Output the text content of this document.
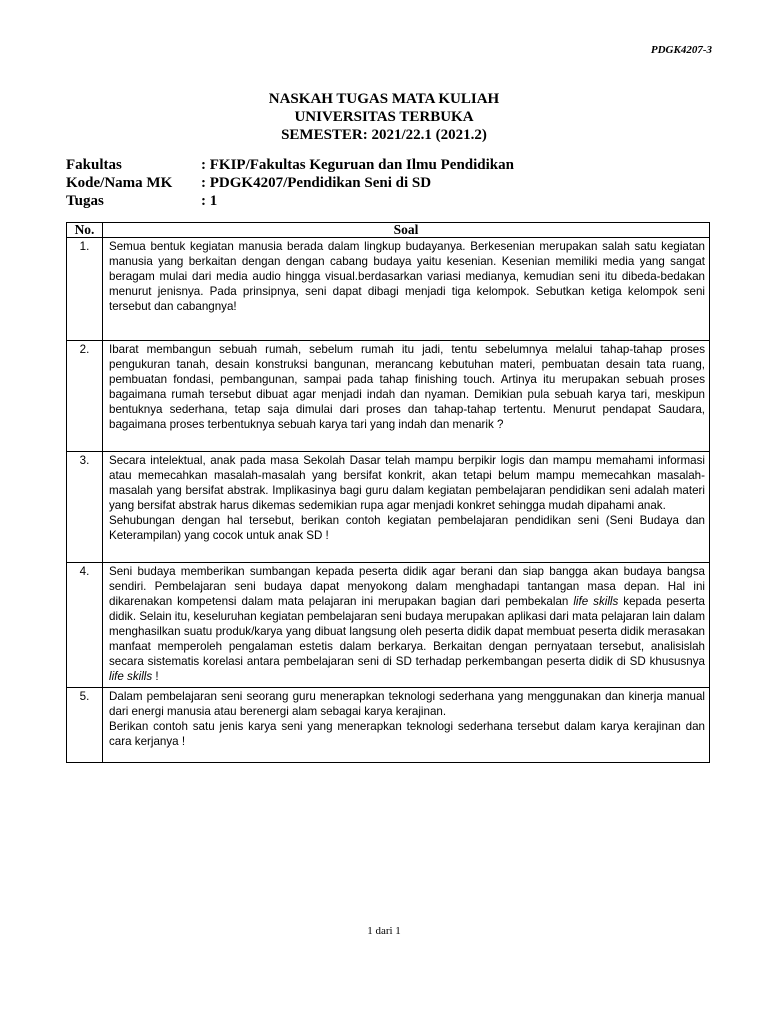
PDGK4207-3
NASKAH TUGAS MATA KULIAH
UNIVERSITAS TERBUKA
SEMESTER: 2021/22.1 (2021.2)
Fakultas	: FKIP/Fakultas Keguruan dan Ilmu Pendidikan
Kode/Nama MK	: PDGK4207/Pendidikan Seni di SD
Tugas	: 1
No.	Soal
1.	Semua bentuk kegiatan manusia berada dalam lingkup budayanya. Berkesenian merupakan salah satu kegiatan manusia yang berkaitan dengan dengan cabang budaya yaitu kesenian. Kesenian memiliki media yang sangat beragam mulai dari media audio hingga visual.berdasarkan variasi medianya, kemudian seni itu dibeda-bedakan menurut jenisnya. Pada prinsipnya, seni dapat dibagi menjadi tiga kelompok. Sebutkan ketiga kelompok seni tersebut dan cabangnya!

2.	Ibarat membangun sebuah rumah, sebelum rumah itu jadi, tentu sebelumnya melalui tahap-tahap proses pengukuran tanah, desain konstruksi bangunan, merancang kebutuhan materi, pembuatan desain tata ruang, pembuatan fondasi, pembangunan, sampai pada tahap finishing touch. Artinya itu merupakan sebuah proses bagaimana rumah tersebut dibuat agar menjadi indah dan nyaman. Demikian pula sebuah karya tari, meskipun bentuknya sederhana, tetap saja dimulai dari proses dan tahap-tahap tertentu. Menurut pendapat Saudara, bagaimana proses terbentuknya sebuah karya tari yang indah dan menarik ?

3.	Secara intelektual, anak pada masa Sekolah Dasar telah mampu berpikir logis dan mampu memahami informasi atau memecahkan masalah-masalah yang bersifat konkrit, akan tetapi belum mampu memecahkan masalah-masalah yang bersifat abstrak. Implikasinya bagi guru dalam kegiatan pembelajaran pendidikan seni adalah materi yang bersifat abstrak harus dikemas sedemikian rupa agar menjadi konkret sehingga mudah dipahami anak.

Sehubungan dengan hal tersebut, berikan contoh kegiatan pembelajaran pendidikan seni (Seni Budaya dan Keterampilan) yang cocok untuk anak SD !

4.	Seni budaya memberikan sumbangan kepada peserta didik agar berani dan siap bangga akan budaya bangsa sendiri. Pembelajaran seni budaya dapat menyokong dalam menghadapi tantangan masa depan. Hal ini dikarenakan kompetensi dalam mata pelajaran ini merupakan bagian dari pembekalan life skills kepada peserta didik. Selain itu, keseluruhan kegiatan pembelajaran seni budaya merupakan aplikasi dari mata pelajaran lain dalam menghasilkan suatu produk/karya yang dibuat langsung oleh peserta didik dapat membuat peserta didik merasakan manfaat memperoleh pengalaman estetis dalam berkarya. Berkaitan dengan pernyataan tersebut, analisislah secara sistematis korelasi antara pembelajaran seni di SD terhadap perkembangan peserta didik di SD khususnya life skills !

5.	Dalam pembelajaran seni seorang guru menerapkan teknologi sederhana yang menggunakan dan kinerja manual dari energi manusia atau berenergi alam sebagai karya kerajinan.

Berikan contoh satu jenis karya seni yang menerapkan teknologi sederhana tersebut dalam karya kerajinan dan cara kerjanya !

1 dari 1
